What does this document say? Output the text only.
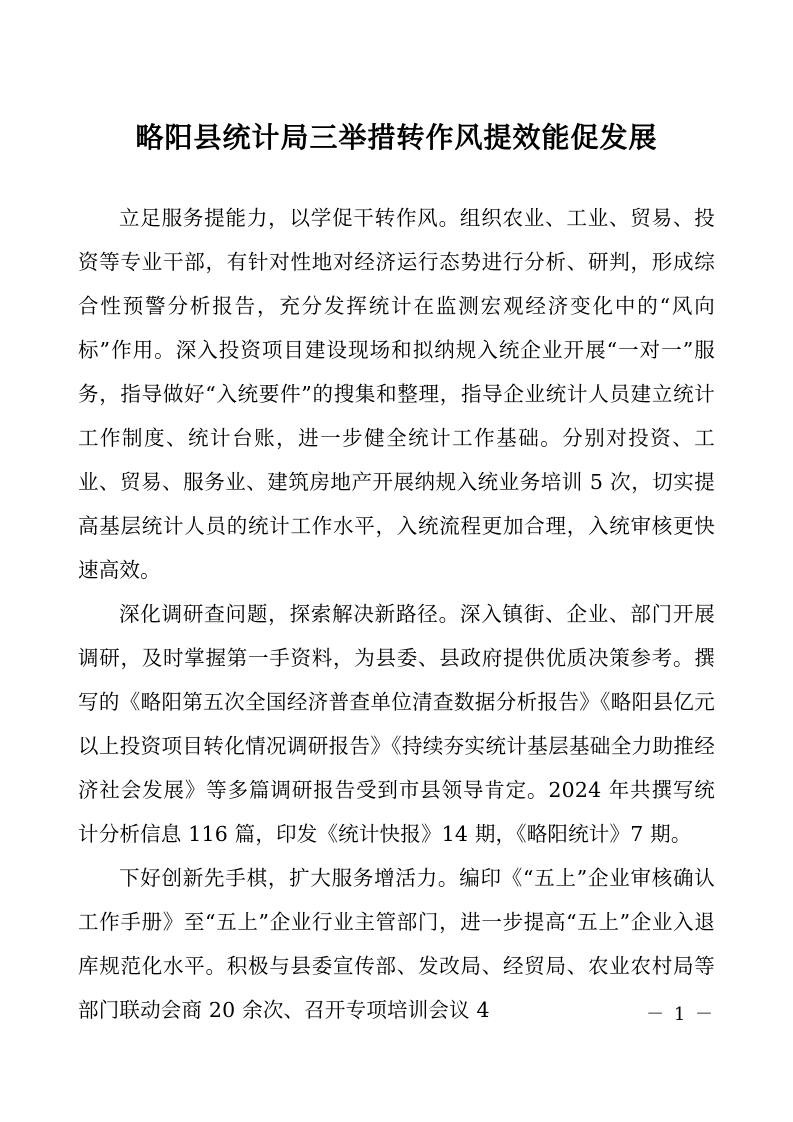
略阳县统计局三举措转作风提效能促发展

立足服务提能力，以学促干转作风。组织农业、工业、贸易、投资等专业干部，有针对性地对经济运行态势进行分析、研判，形成综合性预警分析报告，充分发挥统计在监测宏观经济变化中的“风向标”作用。深入投资项目建设现场和拟纳规入统企业开展“一对一”服务，指导做好“入统要件”的搜集和整理，指导企业统计人员建立统计工作制度、统计台账，进一步健全统计工作基础。分别对投资、工业、贸易、服务业、建筑房地产开展纳规入统业务培训 5 次，切实提高基层统计人员的统计工作水平，入统流程更加合理，入统审核更快速高效。

深化调研查问题，探索解决新路径。深入镇街、企业、部门开展调研，及时掌握第一手资料，为县委、县政府提供优质决策参考。撰写的《略阳第五次全国经济普查单位清查数据分析报告》《略阳县亿元以上投资项目转化情况调研报告》《持续夯实统计基层基础全力助推经济社会发展》等多篇调研报告受到市县领导肯定。2024 年共撰写统计分析信息 116 篇，印发《统计快报》14 期，《略阳统计》7 期。

下好创新先手棋，扩大服务增活力。编印《“五上”企业审核确认工作手册》至“五上”企业行业主管部门，进一步提高“五上”企业入退库规范化水平。积极与县委宣传部、发改局、经贸局、农业农村局等部门联动会商 20 余次、召开专项培训会议 4	－ 1 －
